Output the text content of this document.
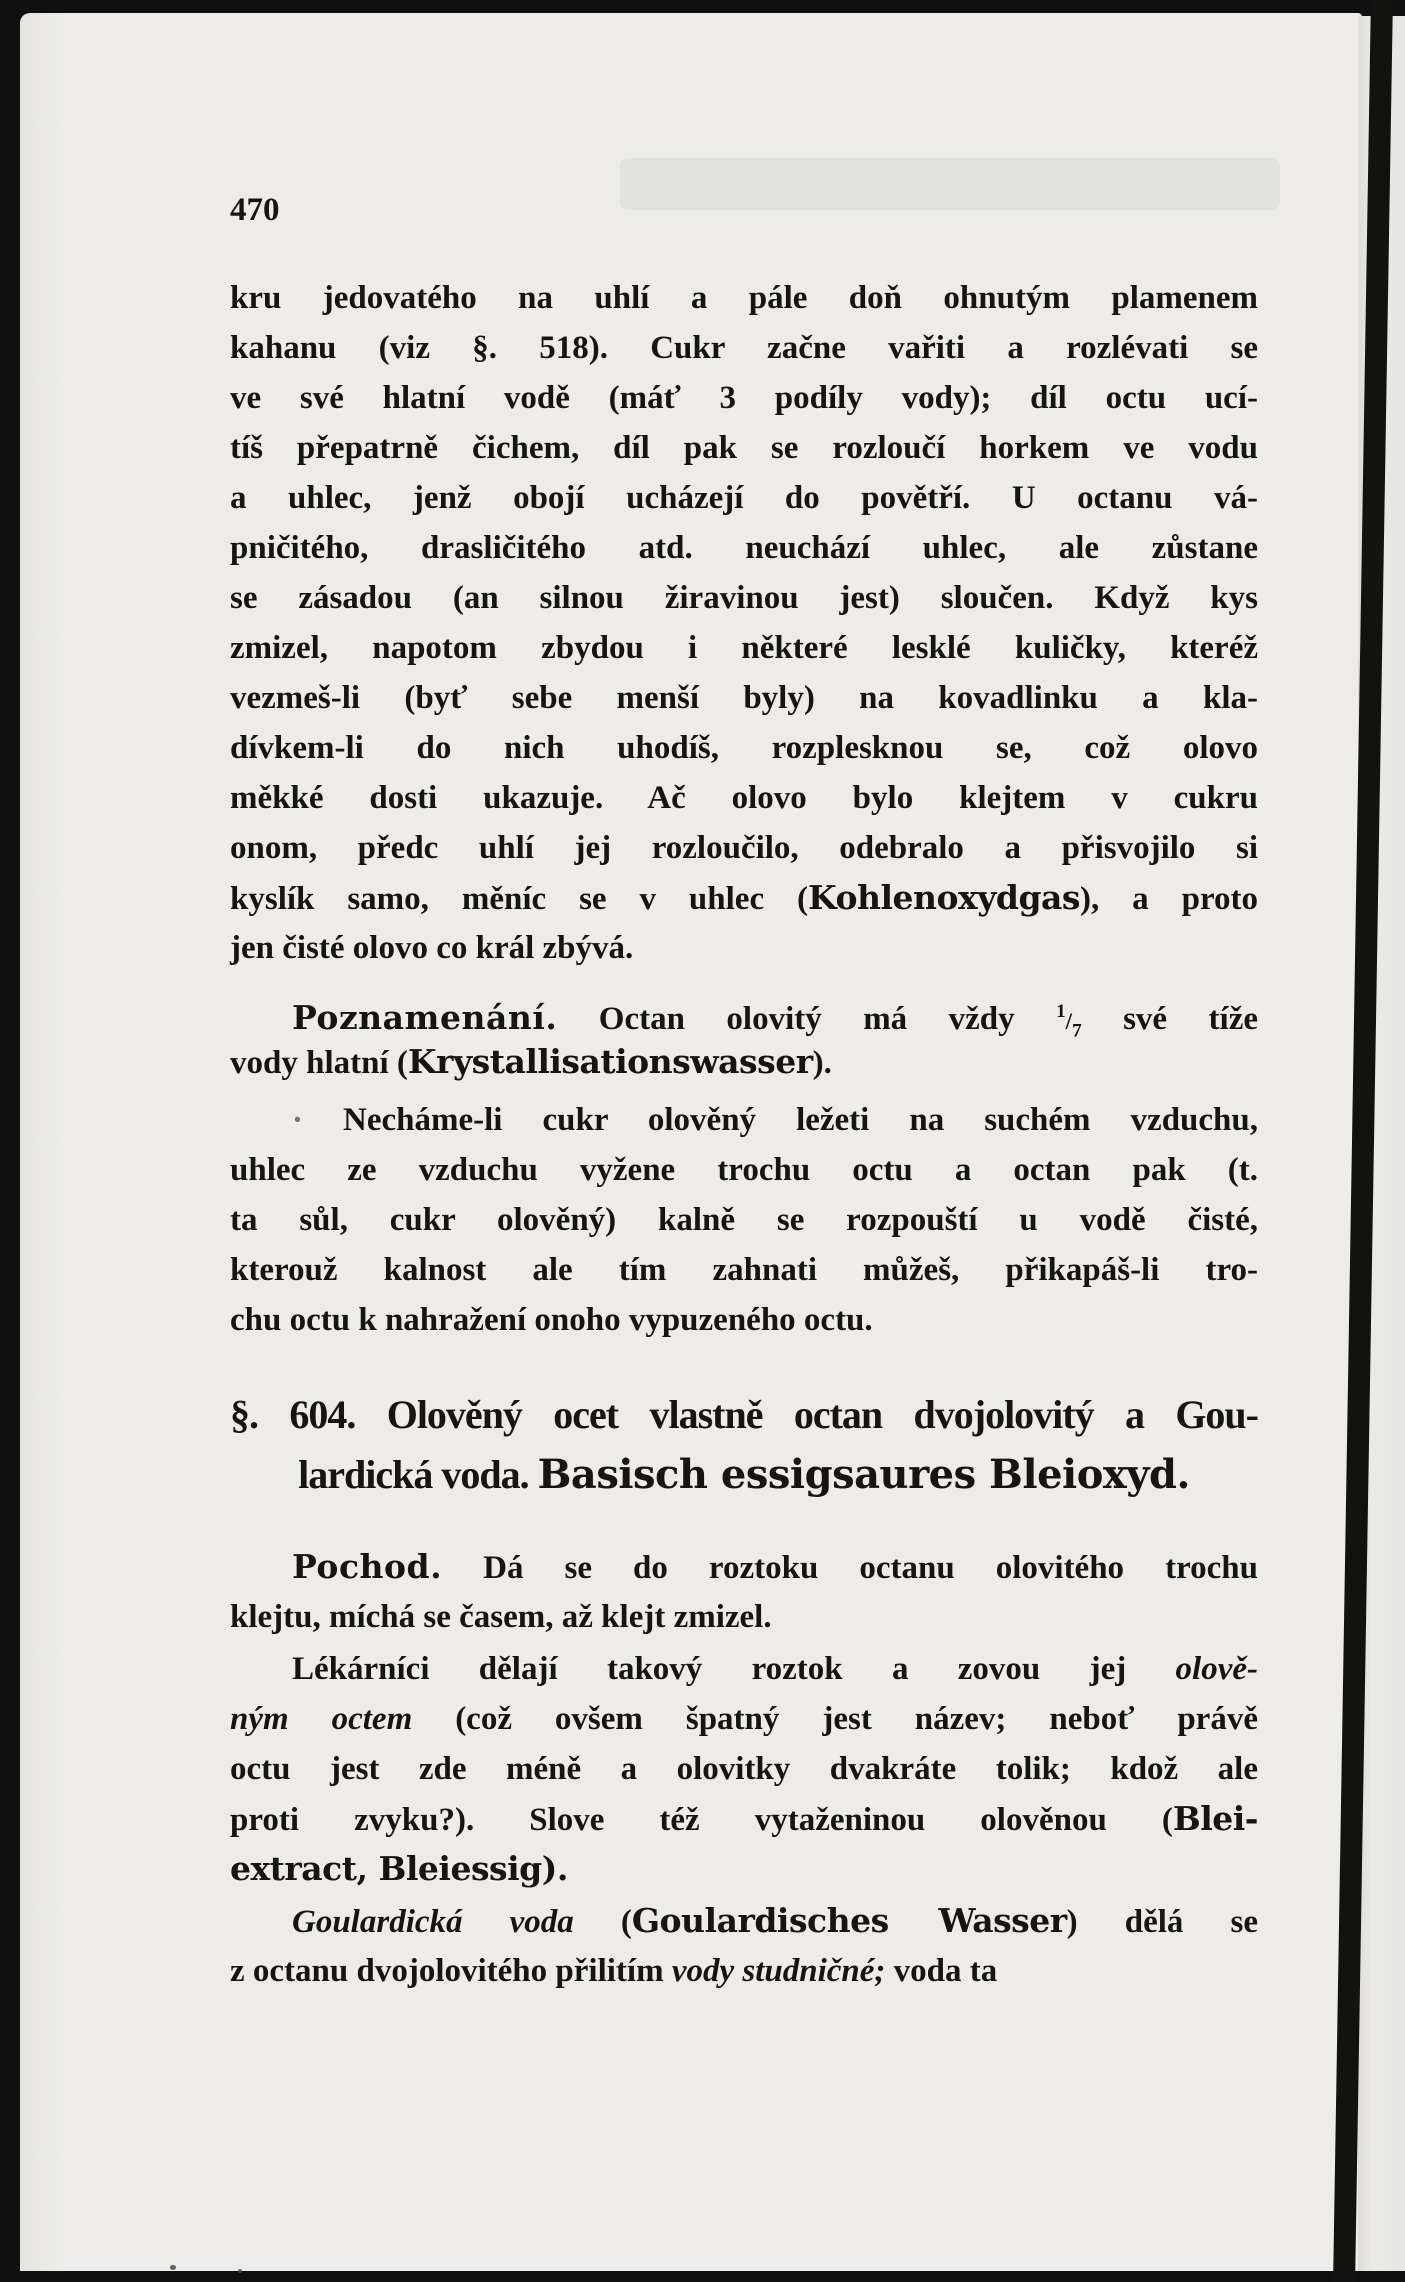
470
kru jedovatého na uhlí a pále doň ohnutým plamenem
kahanu (viz §. 518). Cukr začne vařiti a rozlévati se
ve své hlatní vodě (máť 3 podíly vody); díl octu ucí-
tíš přepatrně čichem, díl pak se rozloučí horkem ve vodu
a uhlec, jenž obojí ucházejí do povětří. U octanu vá-
pničitého, drasličitého atd. neuchází uhlec, ale zůstane
se zásadou (an silnou žiravinou jest) sloučen. Když kys
zmizel, napotom zbydou i některé lesklé kuličky, kteréž
vezmeš-li (byť sebe menší byly) na kovadlinku a kla-
dívkem-li do nich uhodíš, rozplesknou se, což olovo
měkké dosti ukazuje. Ač olovo bylo klejtem v cukru
onom, předc uhlí jej rozloučilo, odebralo a přisvojilo si
kyslík samo, měníc se v uhlec (Kohlenoxydgas), a proto
jen čisté olovo co král zbývá.
Poznamenání. Octan olovitý má vždy $^1/_7$ své tíže
vody hlatní (Krystallisationswasser).
· Necháme-li cukr olověný ležeti na suchém vzduchu,
uhlec ze vzduchu vyžene trochu octu a octan pak (t.
ta sůl, cukr olověný) kalně se rozpouští u vodě čisté,
kterouž kalnost ale tím zahnati můžeš, přikapáš-li tro-
chu octu k nahražení onoho vypuzeného octu.
§. 604. Olověný ocet vlastně octan dvojolovitý a Gou-
lardická voda. Basisch essigsaures Bleioxyd.
Pochod. Dá se do roztoku octanu olovitého trochu
klejtu, míchá se časem, až klejt zmizel.
Lékárníci dělají takový roztok a zovou jej olově-
ným octem (což ovšem špatný jest název; neboť právě
octu jest zde méně a olovitky dvakráte tolik; kdož ale
proti zvyku?). Slove též vytaženinou olověnou (Blei-
extract, Bleiessig).
Goulardická voda (Goulardisches Wasser) dělá se
z octanu dvojolovitého přilitím vody studničné; voda ta
